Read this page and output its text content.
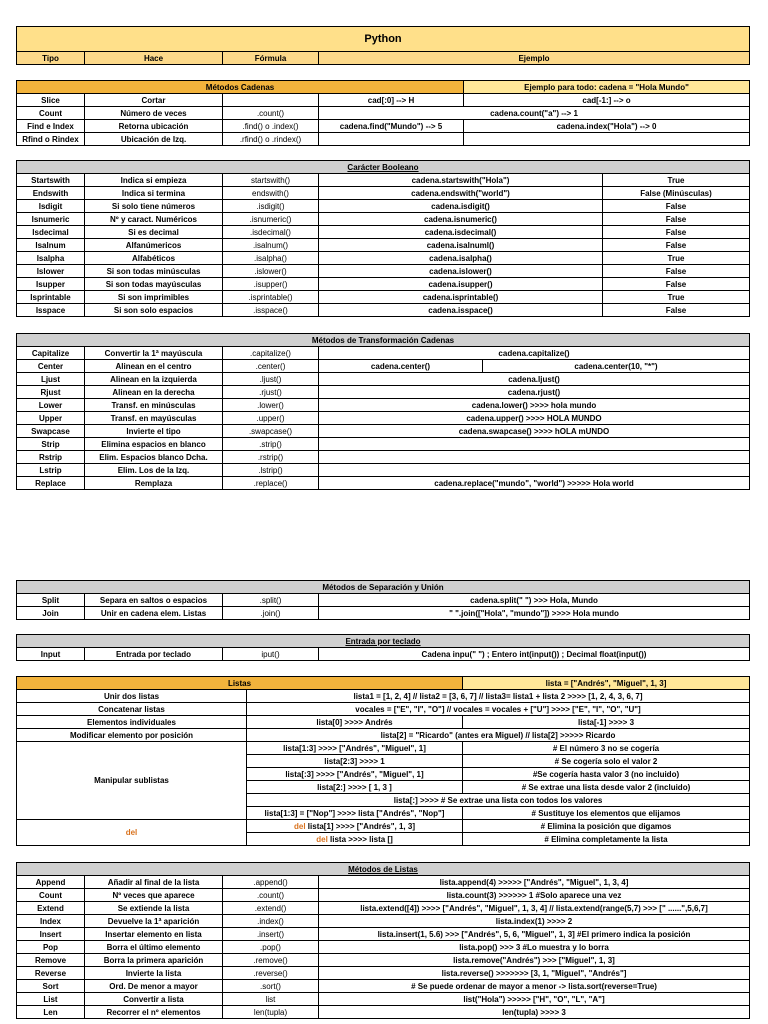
Python
Tipo	Hace	Fórmula	Ejemplo
Métodos Cadenas				Ejemplo para todo: cadena = "Hola Mundo"
Slice	Cortar		cad[:0] --> H	cad[-1:] --> o
Count	Número de veces	.count()	cadena.count("a") --> 1	
Find e Index	Retorna ubicación	.find() o .index()	cadena.find("Mundo") --> 5	cadena.index("Hola") --> 0
Rfind o Rindex	Ubicación de Izq.	.rfind() o .rindex()		
Carácter Booleano				
Startswith	Indica si empieza	startswith()	cadena.startswith("Hola")	True
Endswith	Indica si termina	endswith()	cadena.endswith("world")	False (Minúsculas)
Isdigit	Si solo tiene números	.isdigit()	cadena.isdigit()	False
Isnumeric	Nº y caract. Numéricos	.isnumeric()	cadena.isnumeric()	False
Isdecimal	Si es decimal	.isdecimal()	cadena.isdecimal()	False
Isalnum	Alfanúmericos	.isalnum()	cadena.isalnuml()	False
Isalpha	Alfabéticos	.isalpha()	cadena.isalpha()	True
Islower	Si son todas minúsculas	.islower()	cadena.islower()	False
Isupper	Si son todas mayúsculas	.isupper()	cadena.isupper()	False
Isprintable	Si son imprimibles	.isprintable()	cadena.isprintable()	True
Isspace	Si son solo espacios	.isspace()	cadena.isspace()	False
Métodos de Transformación Cadenas				
Capitalize	Convertir la 1ª mayúscula	.capitalize()	cadena.capitalize()	
Center	Alinean en el centro	.center()	cadena.center()	cadena.center(10, "*")
Ljust	Alinean en la izquierda	.ljust()	cadena.ljust()	
Rjust	Alinean en la derecha	.rjust()	cadena.rjust()	
Lower	Transf. en minúsculas	.lower()	cadena.lower() >>>> hola mundo	
Upper	Transf. en mayúsculas	.upper()	cadena.upper() >>>> HOLA MUNDO	
Swapcase	Invierte el tipo	.swapcase()	cadena.swapcase() >>>> hOLA mUNDO	
Strip	Elimina espacios en blanco	.strip()		
Rstrip	Elim. Espacios blanco Dcha.	.rstrip()		
Lstrip	Elim. Los de la Izq.	.lstrip()		
Replace	Remplaza	.replace()	cadena.replace("mundo", "world") >>>>> Hola world	
Métodos de Separación y Unión			
Split	Separa en saltos o espacios	.split()	cadena.split(" ") >>> Hola, Mundo
Join	Unir en cadena elem. Listas	.join()	" ".join(["Hola", "mundo"]) >>>> Hola mundo
Entrada por teclado
Input	Entrada por teclado	iput()	Cadena inpu(" ") ; Entero int(input()) ; Decimal float(input())
Listas		lista = ["Andrés", "Miguel", 1, 3]
Unir dos listas	lista1 = [1, 2, 4] // lista2 = [3, 6, 7] // lista3= lista1 + lista 2 >>>> [1, 2, 4, 3, 6, 7]	
Concatenar listas	vocales = ["E", "I", "O"] // vocales = vocales + ["U"] >>>> ["E", "I", "O", "U"]	
Elementos individuales	lista[0] >>>> Andrés	lista[-1] >>>> 3
Modificar elemento por posición	lista[2] = "Ricardo" (antes era Miguel) // lista[2] >>>>> Ricardo	
Manipular sublistas	lista[1:3] >>>> ["Andrés", "Miguel", 1]	# El número 3 no se cogería
	lista[2:3] >>>> 1	# Se cogería solo el valor 2
	lista[:3] >>>> ["Andrés", "Miguel", 1]	#Se cogería hasta valor 3 (no incluido)
	lista[2:] >>>> [ 1, 3 ]	# Se extrae una lista desde valor 2 (incluido)
	lista[:] >>>> # Se extrae una lista con todos los valores	
	lista[1:3] = ["Nop"] >>>> lista ["Andrés", "Nop"]	# Sustituye los elementos que elijamos
del	del lista[1] >>>> ["Andrés", 1, 3]	# Elimina la posición que digamos
	del lista >>>> lista []	# Elimina completamente la lista
Métodos de Listas			
Append	Añadir al final de la lista	.append()	lista.append(4) >>>>> ["Andrés", "Miguel", 1, 3, 4]
Count	Nº veces que aparece	.count()	lista.count(3) >>>>>> 1 #Solo aparece una vez
Extend	Se extiende la lista	.extend()	lista.extend([4]) >>>> ["Andrés", "Miguel", 1, 3, 4] // lista.extend(range(5,7) >>> [" ......",5,6,7]
Index	Devuelve la 1ª aparición	.index()	lista.index(1) >>>> 2
Insert	Insertar elemento en lista	.insert()	lista.insert(1, 5.6) >>> ["Andrés", 5, 6, "Miguel", 1, 3] #El primero indica la posición
Pop	Borra el último elemento	.pop()	lista.pop() >>> 3 #Lo muestra y lo borra
Remove	Borra la primera aparición	.remove()	lista.remove("Andrés") >>> ["Miguel", 1, 3]
Reverse	Invierte la lista	.reverse()	lista.reverse() >>>>>>> [3, 1, "Miguel", "Andrés"]
Sort	Ord. De menor a mayor	.sort()	# Se puede ordenar de mayor a menor -> lista.sort(reverse=True)
List	Convertir a lista	list	list("Hola") >>>>> ["H", "O", "L", "A"]
Len	Recorrer el nº elementos	len(tupla)	len(tupla) >>>> 3
